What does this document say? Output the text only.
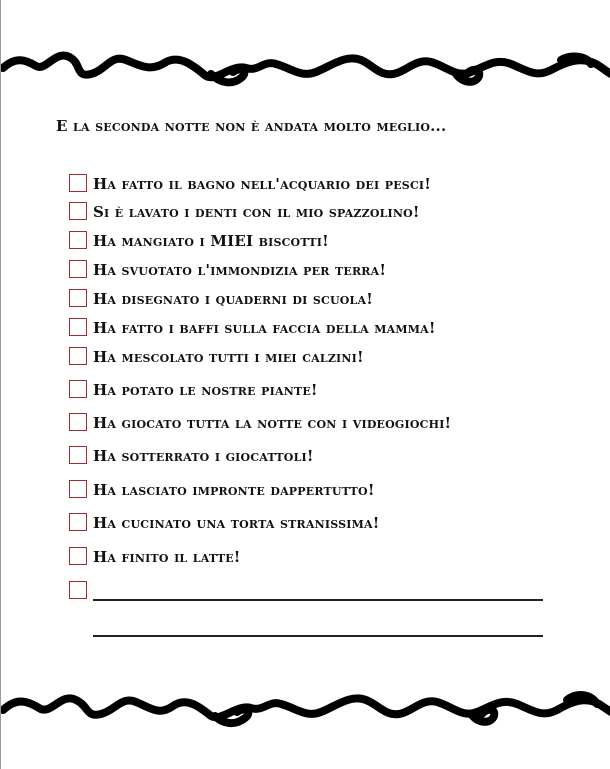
E la seconda notte non è andata molto meglio...
Ha fatto il bagno nell'acquario dei pesci!
Si è lavato i denti con il mio spazzolino!
Ha mangiato i MIEI biscotti!
Ha svuotato l'immondizia per terra!
Ha disegnato i quaderni di scuola!
Ha fatto i baffi sulla faccia della mamma!
Ha mescolato tutti i miei calzini!
Ha potato le nostre piante!
Ha giocato tutta la notte con i videogiochi!
Ha sotterrato i giocattoli!
Ha lasciato impronte dappertutto!
Ha cucinato una torta stranissima!
Ha finito il latte!
